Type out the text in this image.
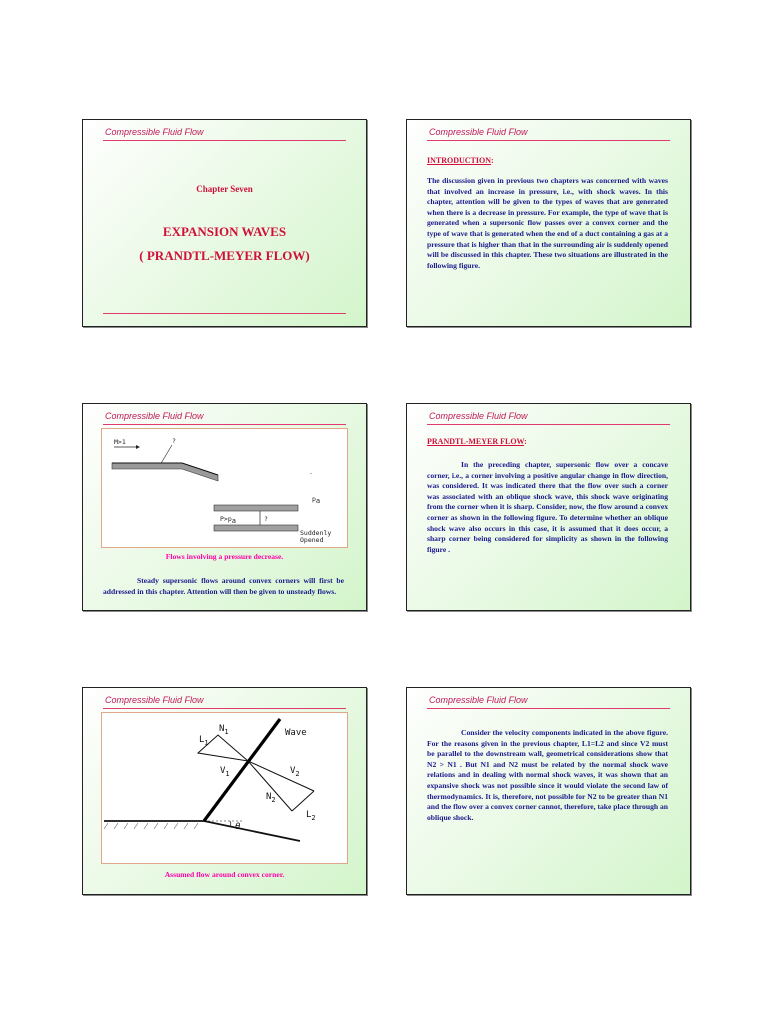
Compressible Fluid Flow
Chapter Seven
EXPANSION WAVES
( PRANDTL-MEYER FLOW)
Compressible Fluid Flow

INTRODUCTION:

The discussion given in previous two chapters was concerned with waves that involved an increase in pressure, i.e., with shock waves. In this chapter, attention will be given to the types of waves that are generated when there is a decrease in pressure. For example, the type of wave that is generated when a supersonic flow passes over a convex corner and the type of wave that is generated when the end of a duct containing a gas at a pressure that is higher than that in the surrounding air is suddenly opened will be discussed in this chapter. These two situations are illustrated in the following figure.

Compressible Fluid Flow
M>1	?
P>pa	?
pa
Suddenly
Opened
.

Flows involving a pressure decrease.

Steady supersonic flows around convex corners will first be addressed in this chapter. Attention will then be given to unsteady flows.

Compressible Fluid Flow

PRANDTL-MEYER FLOW:

In the preceding chapter, supersonic flow over a concave corner, i.e., a corner involving a positive angular change in flow direction, was considered. It was indicated there that the flow over such a corner was associated with an oblique shock wave, this shock wave originating from the corner when it is sharp. Consider, now, the flow around a convex corner as shown in the following figure. To determine whether an oblique shock wave also occurs in this case, it is assumed that it does occur, a sharp corner being considered for simplicity as shown in the following figure .

Compressible Fluid Flow
θ
Wave
$L_1$
$N_1$
$V_1$	$V_2$
$N_2$
$L_2$

Assumed flow around convex corner.

Compressible Fluid Flow

Consider the velocity components indicated in the above figure. For the reasons given in the previous chapter, L1=L2 and since V2 must be parallel to the downstream wall, geometrical considerations show that N2 > N1 . But N1 and N2 must be related by the normal shock wave relations and in dealing with normal shock waves, it was shown that an expansive shock was not possible since it would violate the second law of thermodynamics. It is, therefore, not possible for N2 to be greater than N1 and the flow over a convex corner cannot, therefore, take place through an oblique shock.
